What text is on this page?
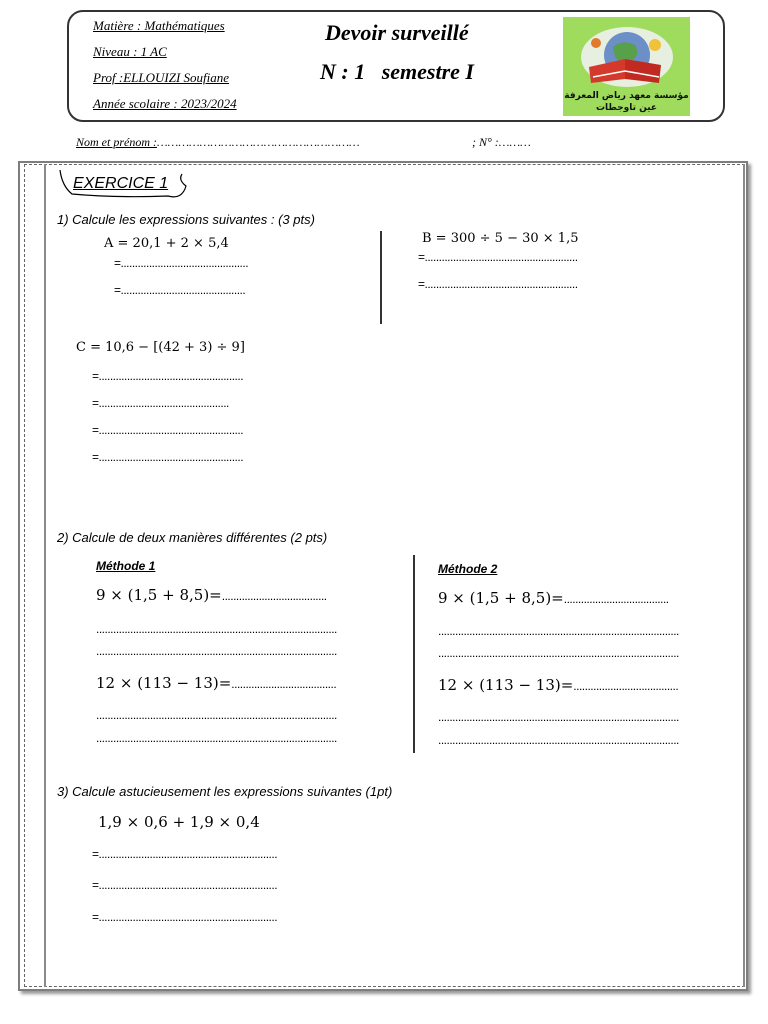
Matière : Mathématiques
Niveau : 1 AC
Prof :ELLOUIZI Soufiane
Année scolaire : 2023/2024
Devoir surveillé
N : 1   semestre I
مؤسسة معهد رياض المعرفة
عين تاوجطات
Nom et prénom :…………………………………………………	; N° :………
EXERCICE 1
1) Calcule les expressions suivantes : (3 pts)
A = 20,1 + 2 × 5,4
=.............................................
=............................................
B = 300 ÷ 5 − 30 × 1,5
=......................................................
=......................................................
C = 10,6 − [(42 + 3) ÷ 9]
=...................................................
=..............................................
=...................................................
=...................................................
2) Calcule de deux manières différentes (2 pts)
Méthode 1	Méthode 2
9 × (1,5 + 8,5)=.....................................
.....................................................................................
.....................................................................................
12 × (113 − 13)=.....................................
.....................................................................................
.....................................................................................
9 × (1,5 + 8,5)=.....................................
.....................................................................................
.....................................................................................
12 × (113 − 13)=.....................................
.....................................................................................
.....................................................................................
3) Calcule astucieusement les expressions suivantes (1pt)
1,9 × 0,6 + 1,9 × 0,4
=...............................................................
=...............................................................
=...............................................................
